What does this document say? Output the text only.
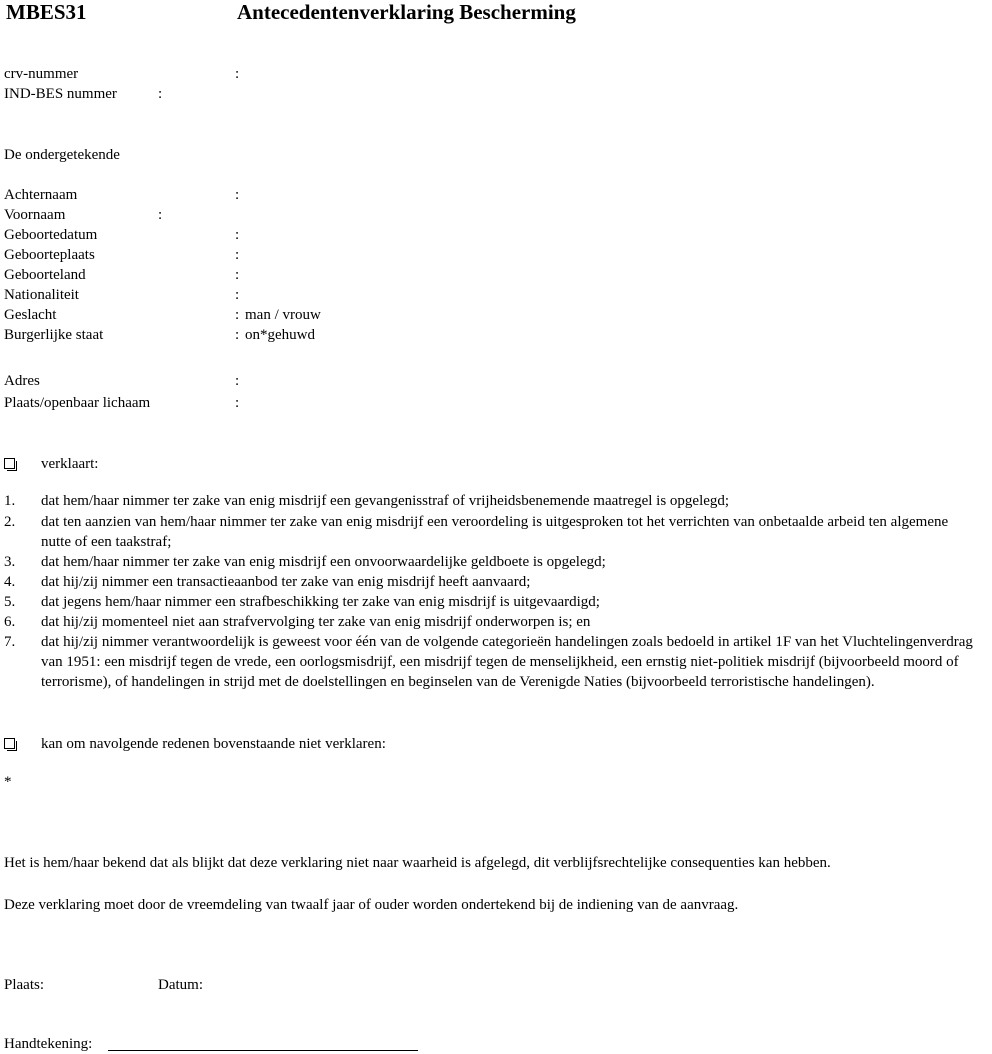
MBES31	Antecedentenverklaring Bescherming
crv-nummer	:
IND-BES nummer	:
De ondergetekende
Achternaam	:
Voornaam	:
Geboortedatum	:
Geboorteplaats	:
Geboorteland	:
Nationaliteit	:
Geslacht	: man / vrouw
Burgerlijke staat	: on*gehuwd
Adres	:
Plaats/openbaar lichaam	:
verklaart:
1. dat hem/haar nimmer ter zake van enig misdrijf een gevangenisstraf of vrijheidsbenemende maatregel is opgelegd;
2. dat ten aanzien van hem/haar nimmer ter zake van enig misdrijf een veroordeling is uitgesproken tot het verrichten van onbetaalde arbeid ten algemene nutte of een taakstraf;
3. dat hem/haar nimmer ter zake van enig misdrijf een onvoorwaardelijke geldboete is opgelegd;
4. dat hij/zij nimmer een transactieaanbod ter zake van enig misdrijf heeft aanvaard;
5. dat jegens hem/haar nimmer een strafbeschikking ter zake van enig misdrijf is uitgevaardigd;
6. dat hij/zij momenteel niet aan strafvervolging ter zake van enig misdrijf onderworpen is; en
7. dat hij/zij nimmer verantwoordelijk is geweest voor één van de volgende categorieën handelingen zoals bedoeld in artikel 1F van het Vluchtelingenverdrag van 1951: een misdrijf tegen de vrede, een oorlogsmisdrijf, een misdrijf tegen de menselijkheid, een ernstig niet-politiek misdrijf (bijvoorbeeld moord of terrorisme), of handelingen in strijd met de doelstellingen en beginselen van de Verenigde Naties (bijvoorbeeld terroristische handelingen).
kan om navolgende redenen bovenstaande niet verklaren:
*
Het is hem/haar bekend dat als blijkt dat deze verklaring niet naar waarheid is afgelegd, dit verblijfsrechtelijke consequenties kan hebben.
Deze verklaring moet door de vreemdeling van twaalf jaar of ouder worden ondertekend bij de indiening van de aanvraag.
Plaats:	Datum:
Handtekening:
